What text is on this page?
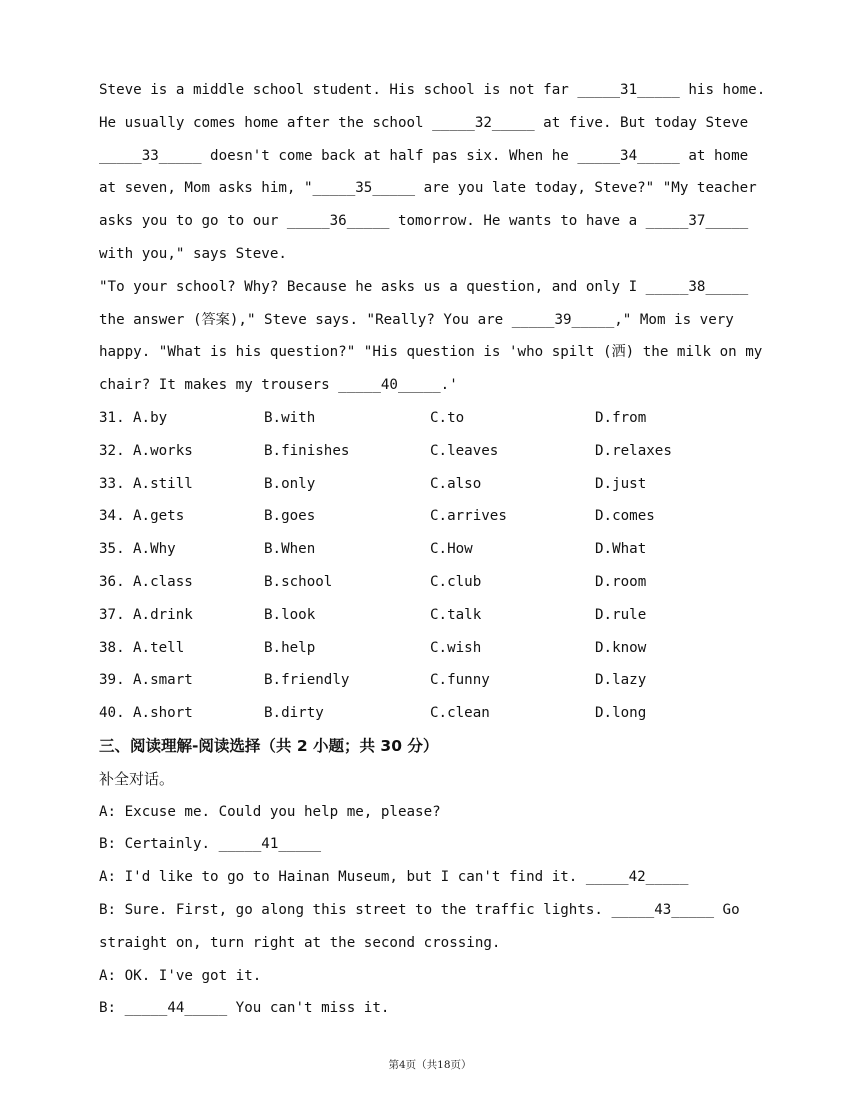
Steve is a middle school student. His school is not far _____31_____ his home.
He usually comes home after the school _____32_____ at five. But today Steve
_____33_____ doesn't come back at half pas six. When he _____34_____ at home
at seven, Mom asks him, "_____35_____ are you late today, Steve?" "My teacher
asks you to go to our _____36_____ tomorrow. He wants to have a _____37_____
with you," says Steve.
"To your school? Why? Because he asks us a question, and only I _____38_____
the answer (答案)," Steve says. "Really? You are _____39_____," Mom is very
happy. "What is his question?" "His question is 'who spilt (洒) the milk on my
chair? It makes my trousers _____40_____.'
31. A.by	B.with	C.to	D.from
32. A.works	B.finishes	C.leaves	D.relaxes
33. A.still	B.only	C.also	D.just
34. A.gets	B.goes	C.arrives	D.comes
35. A.Why	B.When	C.How	D.What
36. A.class	B.school	C.club	D.room
37. A.drink	B.look	C.talk	D.rule
38. A.tell	B.help	C.wish	D.know
39. A.smart	B.friendly	C.funny	D.lazy
40. A.short	B.dirty	C.clean	D.long
三、阅读理解-阅读选择（共 2 小题；共 30 分）
补全对话。
A: Excuse me. Could you help me, please?
B: Certainly. _____41_____
A: I'd like to go to Hainan Museum, but I can't find it. _____42_____
B: Sure. First, go along this street to the traffic lights. _____43_____ Go
straight on, turn right at the second crossing.
A: OK. I've got it.
B: _____44_____ You can't miss it.
第4页（共18页）
